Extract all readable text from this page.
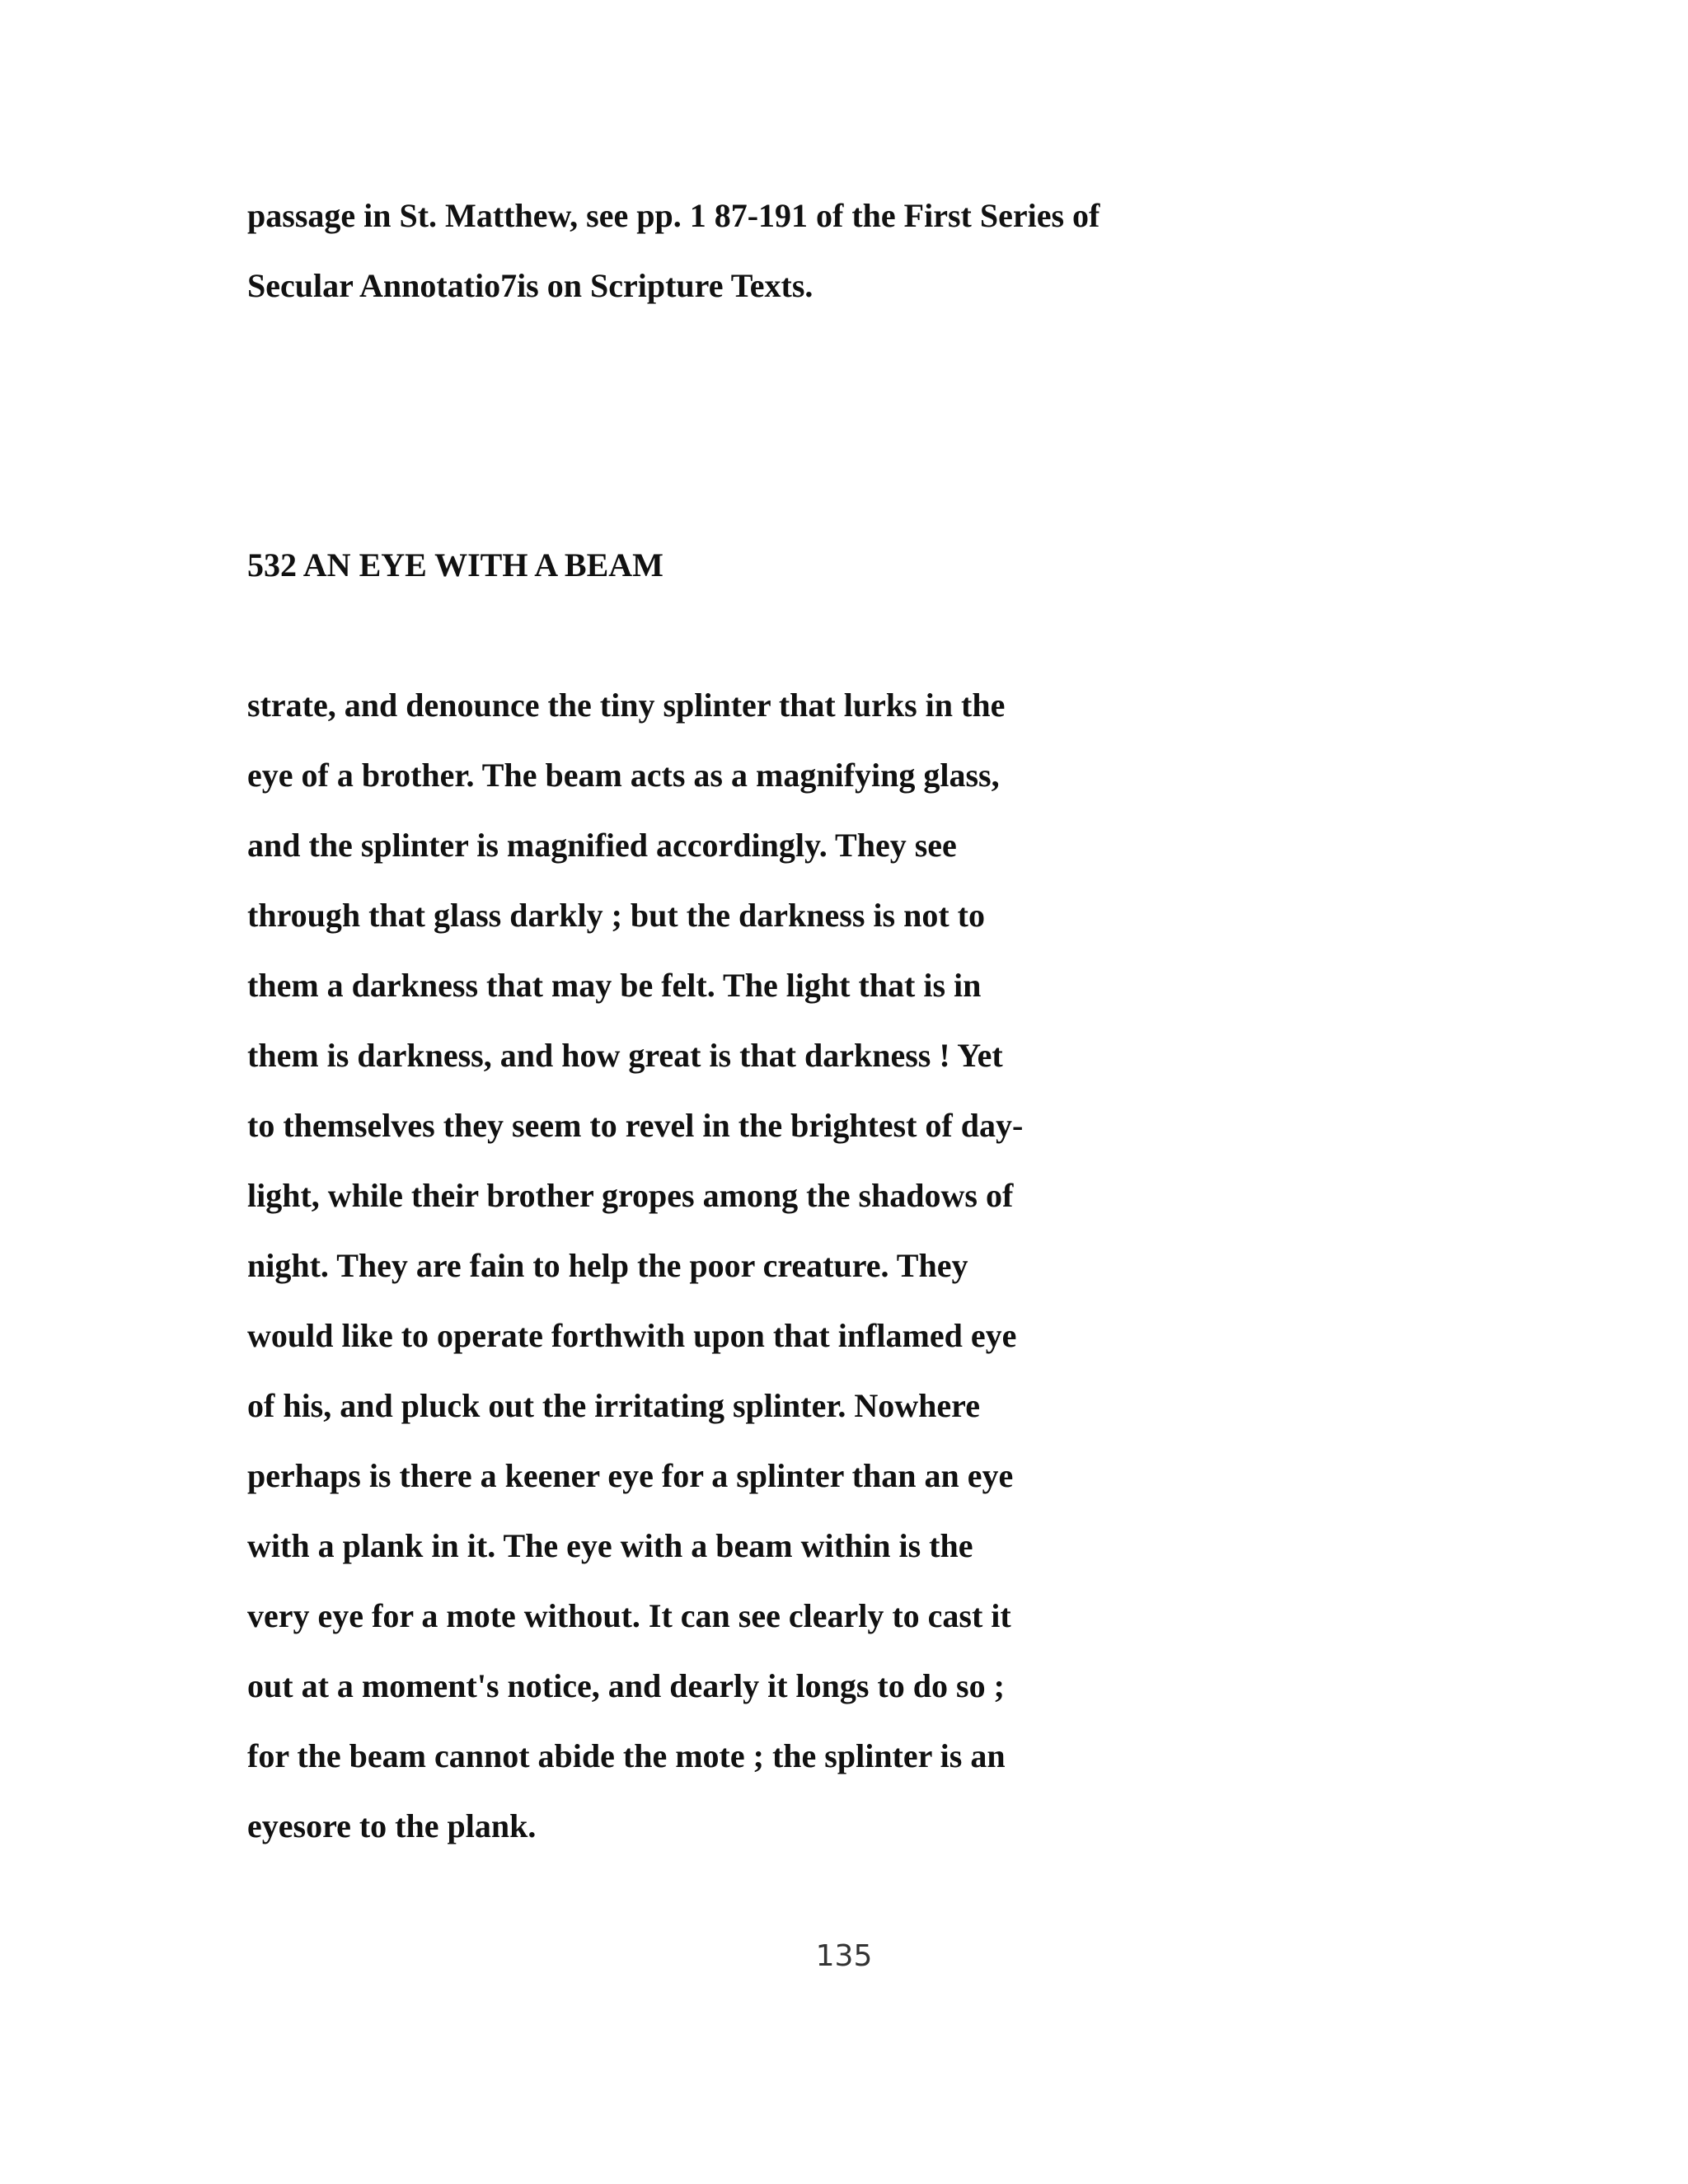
passage in St. Matthew, see pp. 1 87-191 of the First Series of
Secular Annotatio7is on Scripture Texts.
532 AN EYE WITH A BEAM
strate, and denounce the tiny splinter that lurks in the
eye of a brother. The beam acts as a magnifying glass,
and the splinter is magnified accordingly. They see
through that glass darkly ; but the darkness is not to
them a darkness that may be felt. The light that is in
them is darkness, and how great is that darkness ! Yet
to themselves they seem to revel in the brightest of day-
light, while their brother gropes among the shadows of
night. They are fain to help the poor creature. They
would like to operate forthwith upon that inflamed eye
of his, and pluck out the irritating splinter. Nowhere
perhaps is there a keener eye for a splinter than an eye
with a plank in it. The eye with a beam within is the
very eye for a mote without. It can see clearly to cast it
out at a moment's notice, and dearly it longs to do so ;
for the beam cannot abide the mote ; the splinter is an
eyesore to the plank.
135
